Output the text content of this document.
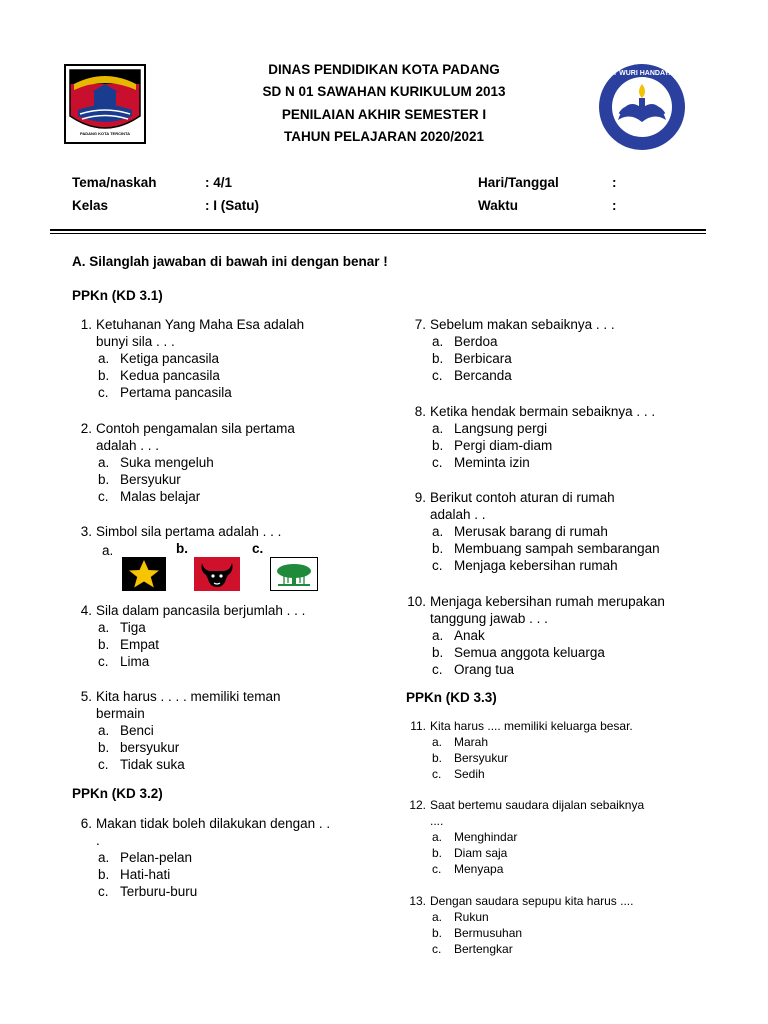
PADANG KOTA TERCINTA
TUT WURI HANDAYANI
DINAS PENDIDIKAN KOTA PADANG
SD N 01 SAWAHAN KURIKULUM 2013
PENILAIAN AKHIR SEMESTER I
TAHUN PELAJARAN 2020/2021
Tema/naskah	: 4/1
Kelas	: I (Satu)
Hari/Tanggal	:
Waktu	:
A. Silanglah jawaban di bawah ini dengan benar !
PPKn (KD 3.1)
PPKn (KD 3.2)
PPKn (KD 3.3)
1. Ketuhanan Yang Maha Esa adalah
bunyi sila . . .
a. Ketiga pancasila
b. Kedua pancasila
c. Pertama pancasila
2. Contoh pengamalan sila pertama
adalah . . .
a. Suka mengeluh
b. Bersyukur
c. Malas belajar
3. Simbol sila pertama adalah . . .
4. Sila dalam pancasila berjumlah . . .
a. Tiga
b. Empat
c. Lima
5. Kita harus . . . . memiliki teman
bermain
a. Benci
b. bersyukur
c. Tidak suka
6. Makan tidak boleh dilakukan dengan . .
.
a. Pelan-pelan
b. Hati-hati
c. Terburu-buru
7. Sebelum makan sebaiknya . . .
a. Berdoa
b. Berbicara
c. Bercanda
8. Ketika hendak bermain sebaiknya . . .
a. Langsung pergi
b. Pergi diam-diam
c. Meminta izin
9. Berikut contoh aturan di rumah
adalah . .
a. Merusak barang di rumah
b. Membuang sampah sembarangan
c. Menjaga kebersihan rumah
10. Menjaga kebersihan rumah merupakan
tanggung jawab . . .
a. Anak
b. Semua anggota keluarga
c. Orang tua
11. Kita harus .... memiliki keluarga besar.
a. Marah
b. Bersyukur
c.	Sedih
12. Saat bertemu saudara dijalan sebaiknya
....
a. Menghindar
b. Diam saja
c.	Menyapa
13. Dengan saudara sepupu kita harus ....
a. Rukun
b. Bermusuhan
c.	Bertengkar
a.	b.	c.
